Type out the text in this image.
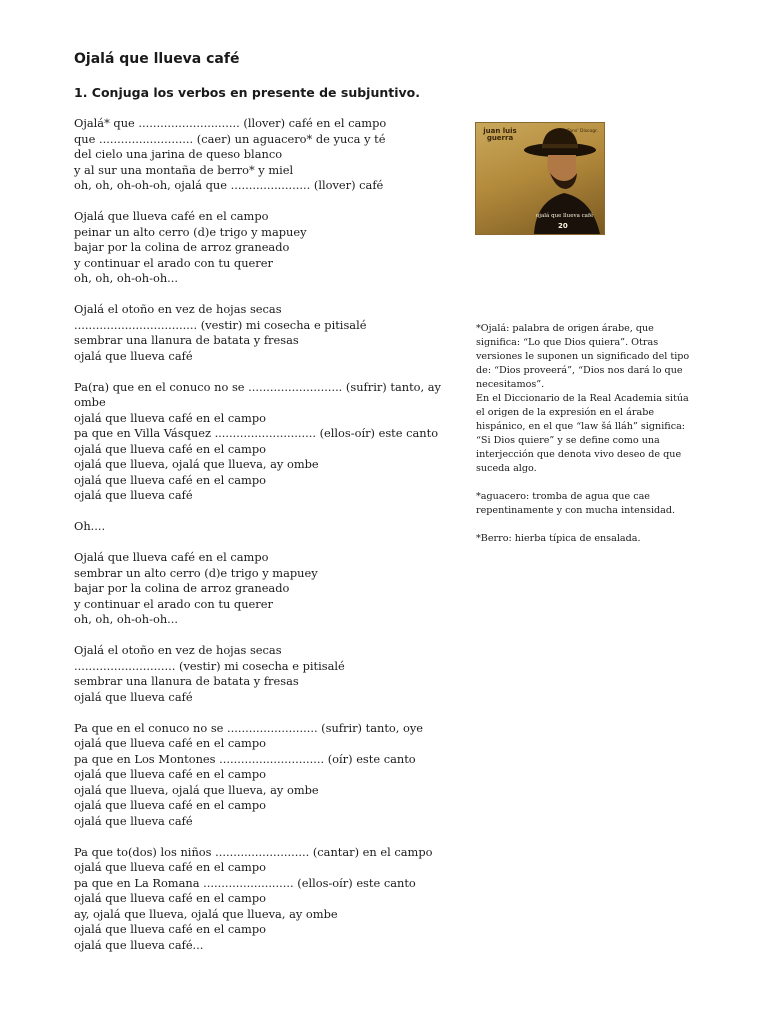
Ojalá que llueva café
1. Conjuga los verbos en presente de subjuntivo.
Ojalá* que ............................ (llover) café en el campo
que .......................... (caer) un aguacero* de yuca y té
del cielo una jarina de queso blanco
y al sur una montaña de berro* y miel
oh, oh, oh-oh-oh, ojalá que ...................... (llover) café
Ojalá que llueva café en el campo
peinar un alto cerro (d)e trigo y mapuey
bajar por la colina de arroz graneado
y continuar el arado con tu querer
oh, oh, oh-oh-oh...
Ojalá el otoño en vez de hojas secas
.................................. (vestir) mi cosecha e pitisalé
sembrar una llanura de batata y fresas
ojalá que llueva café
Pa(ra) que en el conuco no se .......................... (sufrir) tanto, ay ombe
ojalá que llueva café en el campo
pa que en Villa Vásquez ............................ (ellos-oír) este canto
ojalá que llueva café en el campo
ojalá que llueva, ojalá que llueva, ay ombe
ojalá que llueva café en el campo
ojalá que llueva café
Oh....
Ojalá que llueva café en el campo
sembrar un alto cerro (d)e trigo y mapuey
bajar por la colina de arroz graneado
y continuar el arado con tu querer
oh, oh, oh-oh-oh...
Ojalá el otoño en vez de hojas secas
............................ (vestir) mi cosecha e pitisalé
sembrar una llanura de batata y fresas
ojalá que llueva café
Pa que en el conuco no se ......................... (sufrir) tanto, oye
ojalá que llueva café en el campo
pa que en Los Montones ............................. (oír) este canto
ojalá que llueva café en el campo
ojalá que llueva, ojalá que llueva, ay ombe
ojalá que llueva café en el campo
ojalá que llueva café
Pa que to(dos) los niños .......................... (cantar) en el campo
ojalá que llueva café en el campo
pa que en La Romana ......................... (ellos-oír) este canto
ojalá que llueva café en el campo
ay, ojalá que llueva, ojalá que llueva, ay ombe
ojalá que llueva café en el campo
ojalá que llueva café...
juan luis guerra
Fans' Discogr.
ojalá que llueva café
20
*Ojalá: palabra de origen árabe, que significa: “Lo que Dios quiera”. Otras versiones le suponen un significado del tipo de: “Dios proveerá”, “Dios nos dará lo que necesitamos”.
En el Diccionario de la Real Academia sitúa el origen de la expresión en el árabe hispánico, en el que “law šá lláh” significa: “Si Dios quiere” y se define como una interjección que denota vivo deseo de que suceda algo.
*aguacero: tromba de agua que cae repentinamente y con mucha intensidad.
*Berro: hierba típica de ensalada.
